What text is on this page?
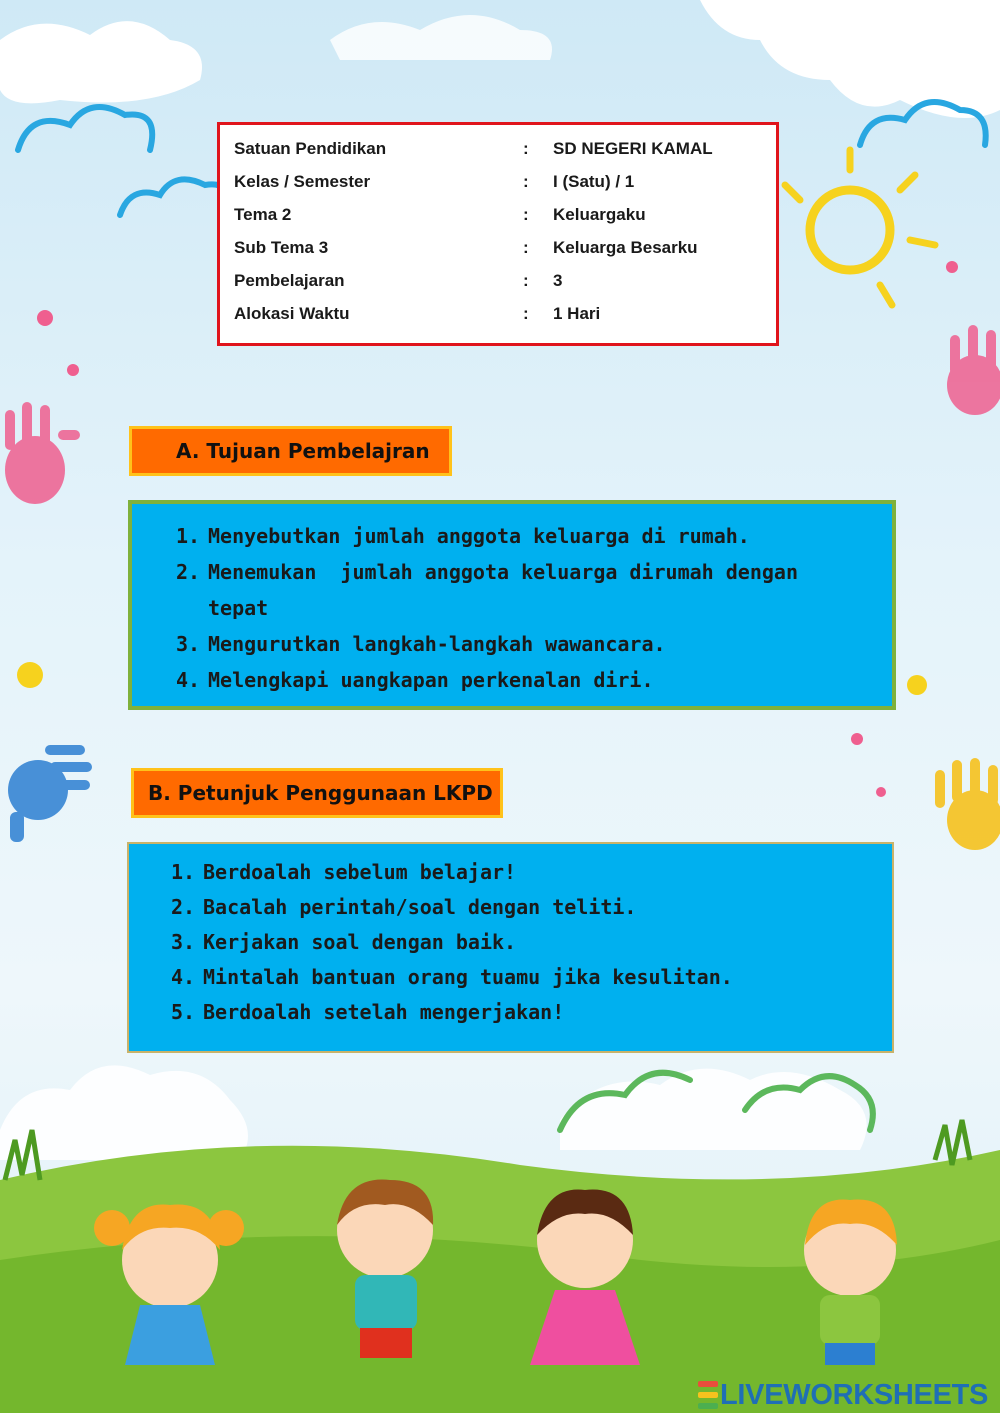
Satuan Pendidikan	: SD NEGERI KAMAL
Kelas / Semester	: I (Satu) / 1
Tema 2	: Keluargaku
Sub Tema 3	: Keluarga Besarku
Pembelajaran	: 3
Alokasi Waktu	: 1 Hari
A. Tujuan Pembelajran
1. Menyebutkan jumlah anggota keluarga di rumah.
2. Menemukan  jumlah anggota keluarga dirumah dengan tepat
3. Mengurutkan langkah-langkah wawancara.
4. Melengkapi uangkapan perkenalan diri.
B. Petunjuk Penggunaan LKPD
1. Berdoalah sebelum belajar!
2. Bacalah perintah/soal dengan teliti.
3. Kerjakan soal dengan baik.
4. Mintalah bantuan orang tuamu jika kesulitan.
5. Berdoalah setelah mengerjakan!
LIVEWORKSHEETS
